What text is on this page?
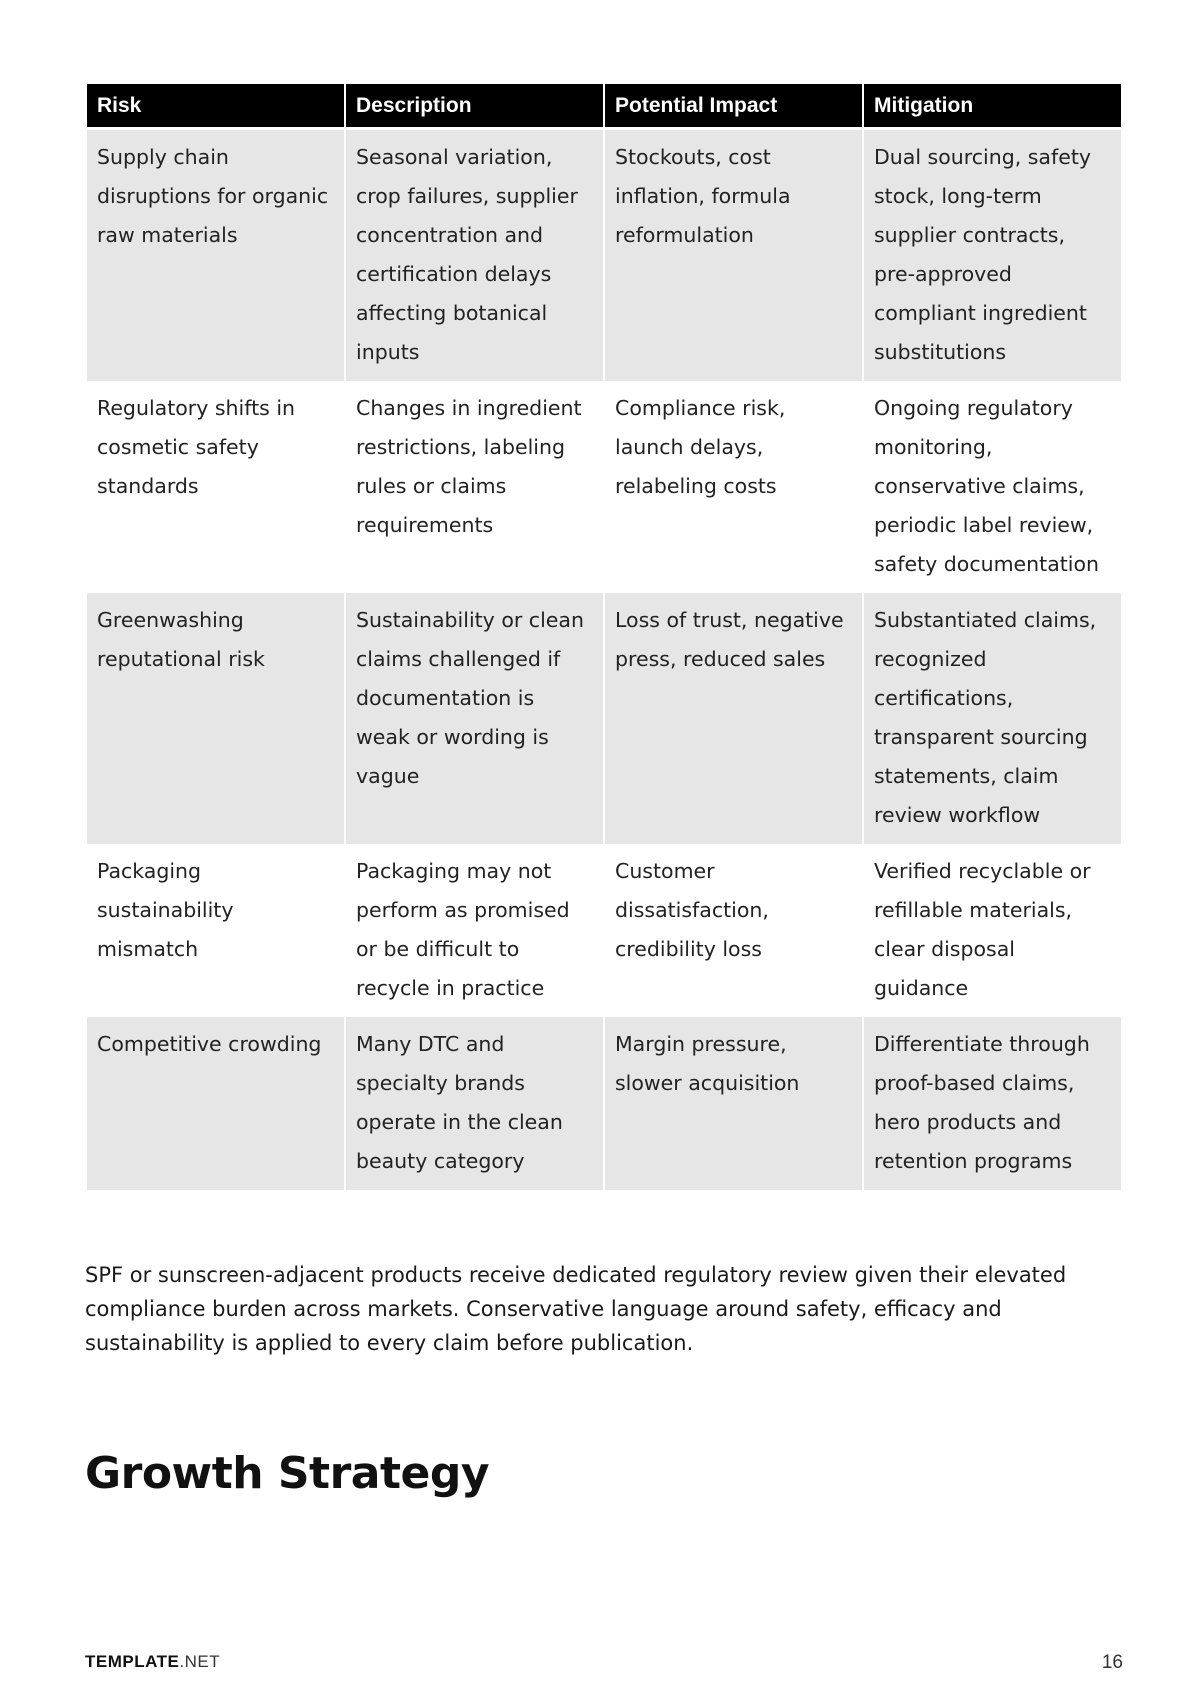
Risk	Description	Potential Impact	Mitigation
Supply chain disruptions for organic raw materials	Seasonal variation, crop failures, supplier concentration and certification delays affecting botanical inputs	Stockouts, cost inflation, formula reformulation	Dual sourcing, safety stock, long-term supplier contracts, pre-approved compliant ingredient substitutions
Regulatory shifts in cosmetic safety standards	Changes in ingredient restrictions, labeling rules or claims requirements	Compliance risk, launch delays, relabeling costs	Ongoing regulatory monitoring, conservative claims, periodic label review, safety documentation
Greenwashing reputational risk	Sustainability or clean claims challenged if documentation is weak or wording is vague	Loss of trust, negative press, reduced sales	Substantiated claims, recognized certifications, transparent sourcing statements, claim review workflow
Packaging sustainability mismatch	Packaging may not perform as promised or be difficult to recycle in practice	Customer dissatisfaction, credibility loss	Verified recyclable or refillable materials, clear disposal guidance
Competitive crowding	Many DTC and specialty brands operate in the clean beauty category	Margin pressure, slower acquisition	Differentiate through proof-based claims, hero products and retention programs

SPF or sunscreen-adjacent products receive dedicated regulatory review given their elevated compliance burden across markets. Conservative language around safety, efficacy and sustainability is applied to every claim before publication.

Growth Strategy
TEMPLATE.NET	16
